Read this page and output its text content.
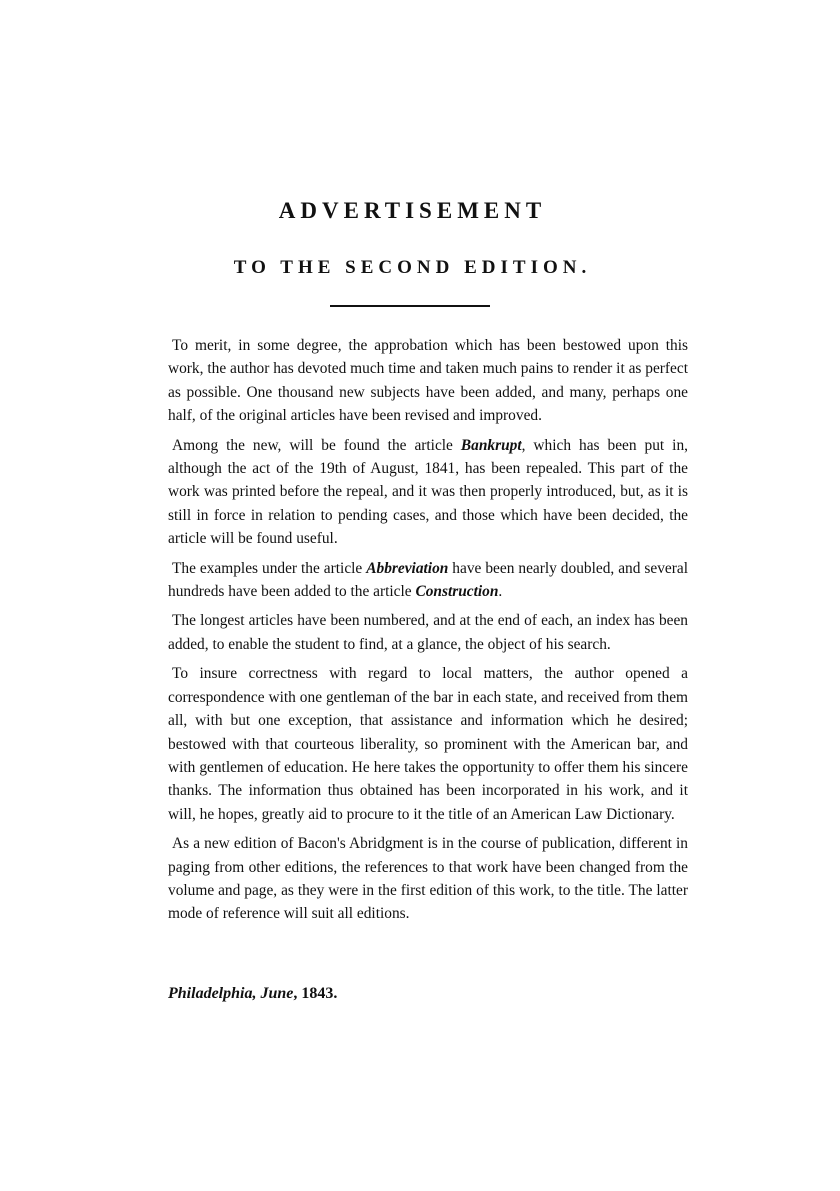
ADVERTISEMENT
TO THE SECOND EDITION.

To merit, in some degree, the approbation which has been bestowed upon this work, the author has devoted much time and taken much pains to render it as perfect as possible. One thousand new subjects have been added, and many, perhaps one half, of the original articles have been revised and improved.

Among the new, will be found the article Bankrupt, which has been put in, although the act of the 19th of August, 1841, has been repealed. This part of the work was printed before the repeal, and it was then properly introduced, but, as it is still in force in relation to pending cases, and those which have been decided, the article will be found useful.

The examples under the article Abbreviation have been nearly doubled, and several hundreds have been added to the article Construction.

The longest articles have been numbered, and at the end of each, an index has been added, to enable the student to find, at a glance, the object of his search.

To insure correctness with regard to local matters, the author opened a correspondence with one gentleman of the bar in each state, and received from them all, with but one exception, that assistance and information which he desired; bestowed with that courteous liberality, so prominent with the American bar, and with gentlemen of education. He here takes the opportunity to offer them his sincere thanks. The information thus obtained has been incorporated in his work, and it will, he hopes, greatly aid to procure to it the title of an American Law Dictionary.

As a new edition of Bacon's Abridgment is in the course of publication, different in paging from other editions, the references to that work have been changed from the volume and page, as they were in the first edition of this work, to the title. The latter mode of reference will suit all editions.

Philadelphia, June, 1843.
